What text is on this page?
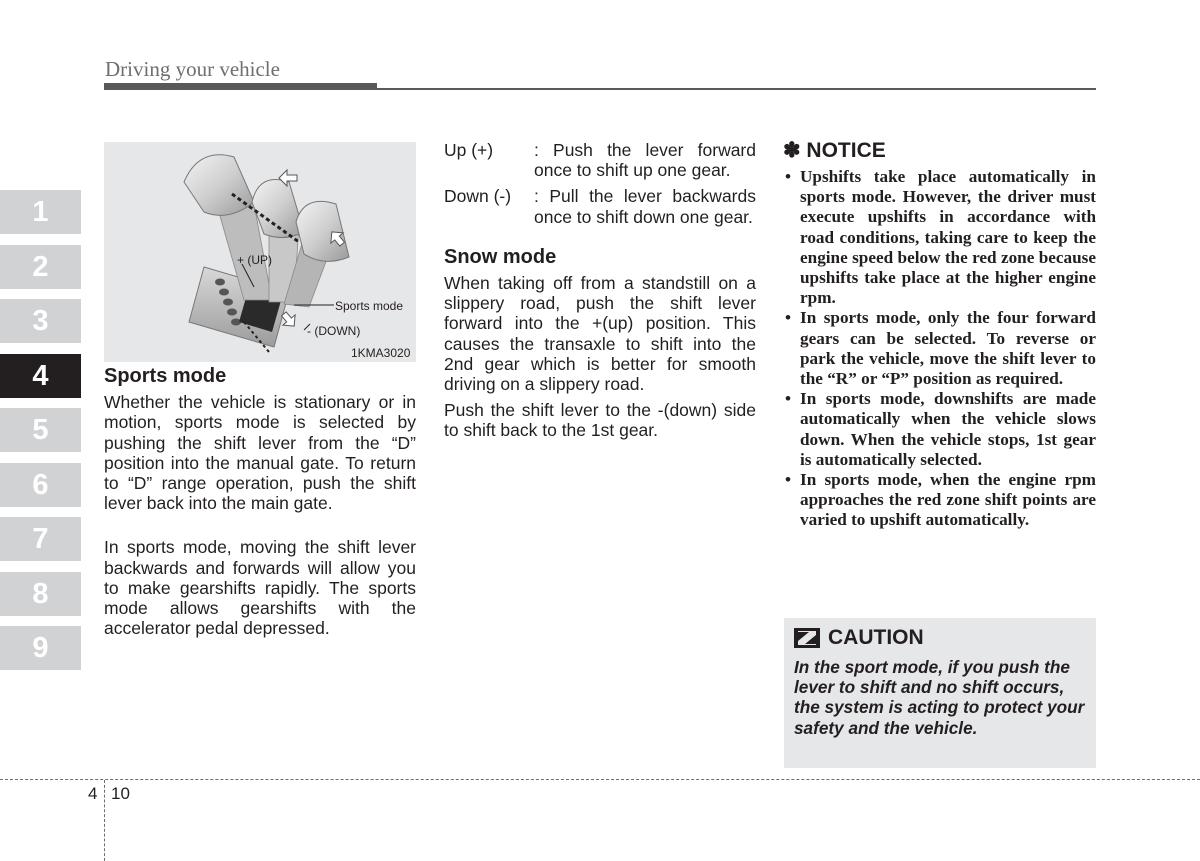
Driving your vehicle
1
2
3
4
5
6
7
8
9
+ (UP)
Sports mode
- (DOWN)
1KMA3020
Sports mode

Whether the vehicle is stationary or in motion, sports mode is selected by pushing the shift lever from the “D” position into the manual gate. To return to “D” range operation, push the shift lever back into the main gate.

In sports mode, moving the shift lever backwards and forwards will allow you to make gearshifts rapidly. The sports mode allows gearshifts with the accelerator pedal depressed.

Up (+)	: Push the lever forward once to shift up one gear.
Down (-)	: Pull the lever backwards once to shift down one gear.
Snow mode

When taking off from a standstill on a slippery road, push the shift lever forward into the +(up) position. This causes the transaxle to shift into the 2nd gear which is better for smooth driving on a slippery road.

Push the shift lever to the -(down) side to shift back to the 1st gear.

✽ NOTICE
• Upshifts take place automatically in sports mode. However, the driver must execute upshifts in accordance with road conditions, taking care to keep the engine speed below the red zone because upshifts take place at the higher engine rpm.
• In sports mode, only the four forward gears can be selected. To reverse or park the vehicle, move the shift lever to the “R” or “P” position as required.
• In sports mode, downshifts are made automatically when the vehicle slows down. When the vehicle stops, 1st gear is automatically selected.
• In sports mode, when the engine rpm approaches the red zone shift points are varied to upshift automatically.
CAUTION
In the sport mode, if you push the lever to shift and no shift occurs, the system is acting to protect your safety and the vehicle.
4 10
